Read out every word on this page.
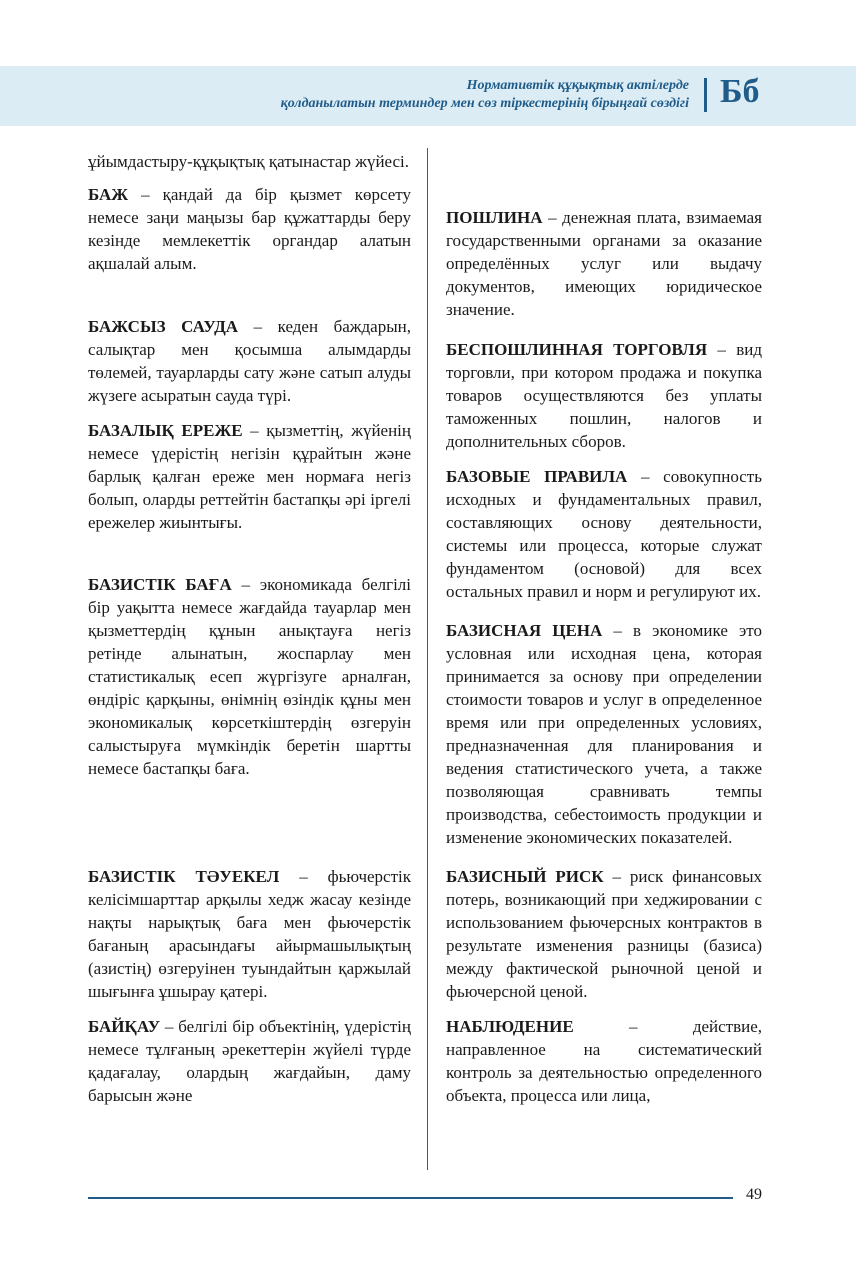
Нормативтік құқықтық актілерде
қолданылатын терминдер мен сөз тіркестерінің бірыңғай сөздігі Бб

ұйымдастыру-құқықтық қатынастар жүйесі.

БАЖ – қандай да бір қызмет көрсету немесе заңи маңызы бар құжаттарды беру кезінде мемлекеттік органдар алатын ақшалай алым.

БАЖСЫЗ САУДА – кеден баждарын, салықтар мен қосымша алымдарды төлемей, тауарларды сату және сатып алуды жүзеге асыратын сауда түрі.

БАЗАЛЫҚ ЕРЕЖЕ – қызметтің, жүйенің немесе үдерістің негізін құрайтын және барлық қалған ереже мен нормаға негіз болып, оларды реттейтін бастапқы әрі іргелі ережелер жиынтығы.

БАЗИСТІК БАҒА – экономикада белгілі бір уақытта немесе жағдайда тауарлар мен қызметтердің құнын анықтауға негіз ретінде алынатын, жоспарлау мен статистикалық есеп жүргізуге арналған, өндіріс қарқыны, өнімнің өзіндік құны мен экономикалық көрсеткіштердің өзгеруін салыстыруға мүмкіндік беретін шартты немесе бастапқы баға.

БАЗИСТІК ТӘУЕКЕЛ – фьючерстік келісімшарттар арқылы хедж жасау кезінде нақты нарықтық баға мен фьючерстік бағаның арасындағы айырмашылықтың (азистің) өзгеруінен туындайтын қаржылай шығынға ұшырау қатері.

БАЙҚАУ – белгілі бір объектінің, үдерістің немесе тұлғаның әрекеттерін жүйелі түрде қадағалау, олардың жағдайын, даму барысын және

ПОШЛИНА – денежная плата, взимаемая государственными органами за оказание определённых услуг или выдачу документов, имеющих юридическое значение.

БЕСПОШЛИННАЯ ТОРГОВЛЯ – вид торговли, при котором продажа и покупка товаров осуществляются без уплаты таможенных пошлин, налогов и дополнительных сборов.

БАЗОВЫЕ ПРАВИЛА – совокупность исходных и фундаментальных правил, составляющих основу деятельности, системы или процесса, которые служат фундаментом (основой) для всех остальных правил и норм и регулируют их.

БАЗИСНАЯ ЦЕНА – в экономике это условная или исходная цена, которая принимается за основу при определении стоимости товаров и услуг в определенное время или при определенных условиях, предназначенная для планирования и ведения статистического учета, а также позволяющая сравнивать темпы производства, себестоимость продукции и изменение экономических показателей.

БАЗИСНЫЙ РИСК – риск финансовых потерь, возникающий при хеджировании с использованием фьючерсных контрактов в результате изменения разницы (базиса) между фактической рыночной ценой и фьючерсной ценой.

НАБЛЮДЕНИЕ – действие, направленное на систематический контроль за деятельностью определенного объекта, процесса или лица,

49
